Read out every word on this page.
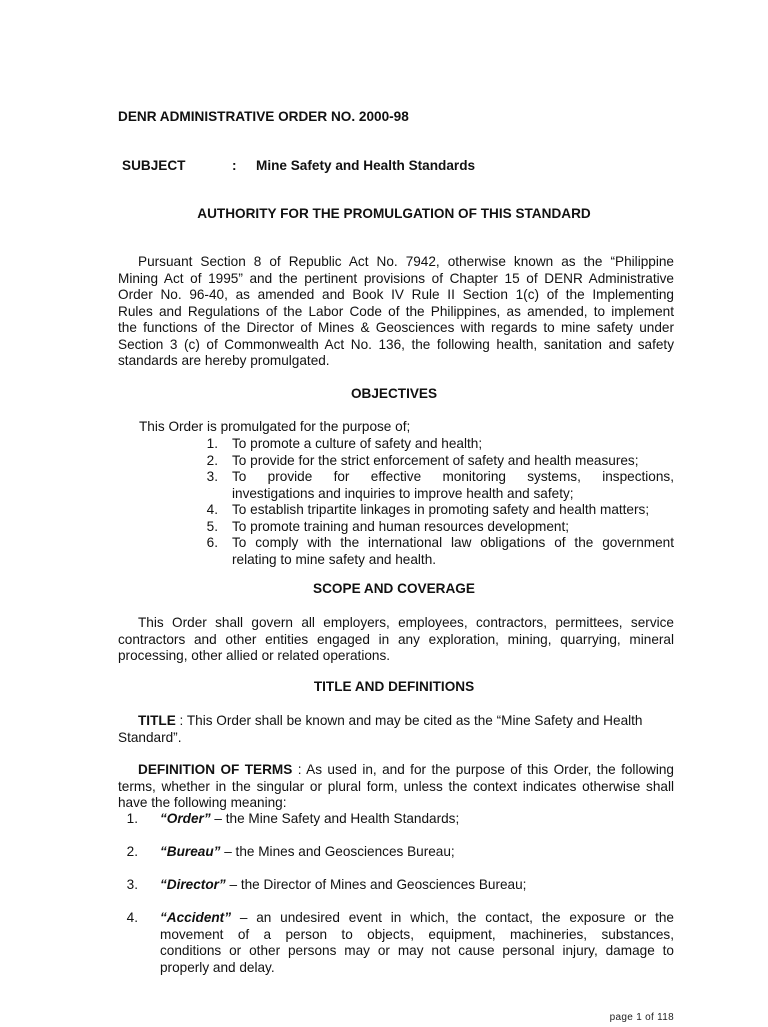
DENR ADMINISTRATIVE ORDER NO. 2000-98
SUBJECT	: Mine Safety and Health Standards
AUTHORITY FOR THE PROMULGATION OF THIS STANDARD
Pursuant Section 8 of Republic Act No. 7942, otherwise known as the “Philippine
Mining Act of 1995” and the pertinent provisions of Chapter 15 of DENR Administrative
Order No. 96-40, as amended and Book IV Rule II Section 1(c) of the Implementing
Rules and Regulations of the Labor Code of the Philippines, as amended, to implement
the functions of the Director of Mines & Geosciences with regards to mine safety under
Section 3 (c) of Commonwealth Act No. 136, the following health, sanitation and safety
standards are hereby promulgated.
OBJECTIVES
This Order is promulgated for the purpose of;
1. To promote a culture of safety and health;
2. To provide for the strict enforcement of safety and health measures;
3. To provide for effective monitoring systems, inspections,
investigations and inquiries to improve health and safety;
4. To establish tripartite linkages in promoting safety and health matters;
5. To promote training and human resources development;
6. To comply with the international law obligations of the government
relating to mine safety and health.
SCOPE AND COVERAGE
This Order shall govern all employers, employees, contractors, permittees, service
contractors and other entities engaged in any exploration, mining, quarrying, mineral
processing, other allied or related operations.
TITLE AND DEFINITIONS
TITLE : This Order shall be known and may be cited as the “Mine Safety and Health
Standard”.
DEFINITION OF TERMS : As used in, and for the purpose of this Order, the following
terms, whether in the singular or plural form, unless the context indicates otherwise shall
have the following meaning:
1. “Order” – the Mine Safety and Health Standards;
2. “Bureau” – the Mines and Geosciences Bureau;
3. “Director” – the Director of Mines and Geosciences Bureau;
4. “Accident” – an undesired event in which, the contact, the exposure or the
movement of a person to objects, equipment, machineries, substances,
conditions or other persons may or may not cause personal injury, damage to
properly and delay.
page 1 of 118
